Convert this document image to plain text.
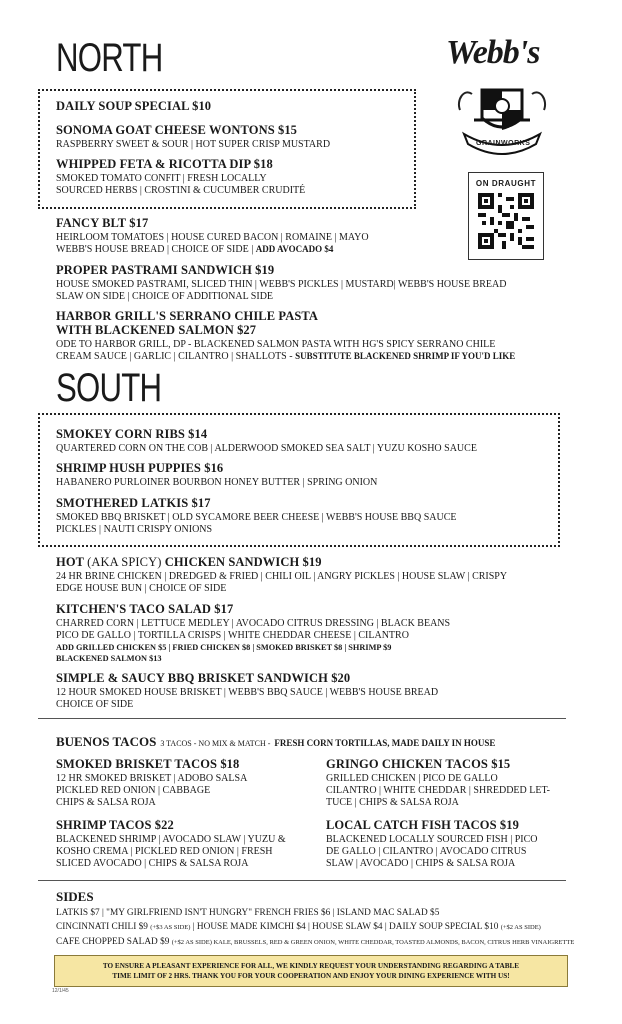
NORTH	Webb's
GRAINWORKS
ON DRAUGHT

DAILY SOUP SPECIAL $10

SONOMA GOAT CHEESE WONTONS $15

RASPBERRY SWEET & SOUR | HOT SUPER CRISP MUSTARD

WHIPPED FETA & RICOTTA DIP $18

SMOKED TOMATO CONFIT | FRESH LOCALLY

SOURCED HERBS | CROSTINI & CUCUMBER CRUDITÉ

FANCY BLT $17

HEIRLOOM TOMATOES | HOUSE CURED BACON | ROMAINE | MAYO

WEBB'S HOUSE BREAD | CHOICE OF SIDE | ADD AVOCADO $4

PROPER PASTRAMI SANDWICH $19

HOUSE SMOKED PASTRAMI, SLICED THIN | WEBB'S PICKLES | MUSTARD| WEBB'S HOUSE BREAD

SLAW ON SIDE | CHOICE OF ADDITIONAL SIDE

HARBOR GRILL'S SERRANO CHILE PASTA

WITH BLACKENED SALMON $27

ODE TO HARBOR GRILL, DP - BLACKENED SALMON PASTA WITH HG'S SPICY SERRANO CHILE

CREAM SAUCE | GARLIC | CILANTRO | SHALLOTS - SUBSTITUTE BLACKENED SHRIMP IF YOU'D LIKE

SOUTH

SMOKEY CORN RIBS $14

QUARTERED CORN ON THE COB | ALDERWOOD SMOKED SEA SALT | YUZU KOSHO SAUCE

SHRIMP HUSH PUPPIES $16

HABANERO PURLOINER BOURBON HONEY BUTTER | SPRING ONION

SMOTHERED LATKIS $17

SMOKED BBQ BRISKET | OLD SYCAMORE BEER CHEESE | WEBB'S HOUSE BBQ SAUCE

PICKLES | NAUTI CRISPY ONIONS

HOT (AKA SPICY) CHICKEN SANDWICH $19

24 HR BRINE CHICKEN | DREDGED & FRIED | CHILI OIL | ANGRY PICKLES | HOUSE SLAW | CRISPY

EDGE HOUSE BUN | CHOICE OF SIDE

KITCHEN'S TACO SALAD $17

CHARRED CORN | LETTUCE MEDLEY | AVOCADO CITRUS DRESSING | BLACK BEANS

PICO DE GALLO | TORTILLA CRISPS | WHITE CHEDDAR CHEESE | CILANTRO

ADD GRILLED CHICKEN $5 | FRIED CHICKEN $8 | SMOKED BRISKET $8 | SHRIMP $9
BLACKENED SALMON $13

SIMPLE & SAUCY BBQ BRISKET SANDWICH $20

12 HOUR SMOKED HOUSE BRISKET | WEBB'S BBQ SAUCE | WEBB'S HOUSE BREAD

CHOICE OF SIDE

BUENOS TACOS 3 TACOS - NO MIX & MATCH - FRESH CORN TORTILLAS, MADE DAILY IN HOUSE

SMOKED BRISKET TACOS $18

12 HR SMOKED BRISKET | ADOBO SALSA

PICKLED RED ONION | CABBAGE

CHIPS & SALSA ROJA

GRINGO CHICKEN TACOS $15

GRILLED CHICKEN | PICO DE GALLO

CILANTRO | WHITE CHEDDAR | SHREDDED LET-

TUCE | CHIPS & SALSA ROJA

SHRIMP TACOS $22

BLACKENED SHRIMP | AVOCADO SLAW | YUZU &

KOSHO CREMA | PICKLED RED ONION | FRESH

SLICED AVOCADO | CHIPS & SALSA ROJA

LOCAL CATCH FISH TACOS $19

BLACKENED LOCALLY SOURCED FISH | PICO

DE GALLO | CILANTRO | AVOCADO CITRUS

SLAW | AVOCADO | CHIPS & SALSA ROJA

SIDES
LATKIS $7 | "MY GIRLFRIEND ISN'T HUNGRY" FRENCH FRIES $6 | ISLAND MAC SALAD $5
CINCINNATI CHILI $9 (+$3 AS SIDE) | HOUSE MADE KIMCHI $4 | HOUSE SLAW $4 | DAILY SOUP SPECIAL $10 (+$2 AS SIDE)
CAFE CHOPPED SALAD $9 (+$2 AS SIDE) KALE, BRUSSELS, RED & GREEN ONION, WHITE CHEDDAR, TOASTED ALMONDS, BACON, CITRUS HERB VINAIGRETTE
TO ENSURE A PLEASANT EXPERIENCE FOR ALL, WE KINDLY REQUEST YOUR UNDERSTANDING REGARDING A TABLE
TIME LIMIT OF 2 HRS. THANK YOU FOR YOUR COOPERATION AND ENJOY YOUR DINING EXPERIENCE WITH US!
12/1/45
